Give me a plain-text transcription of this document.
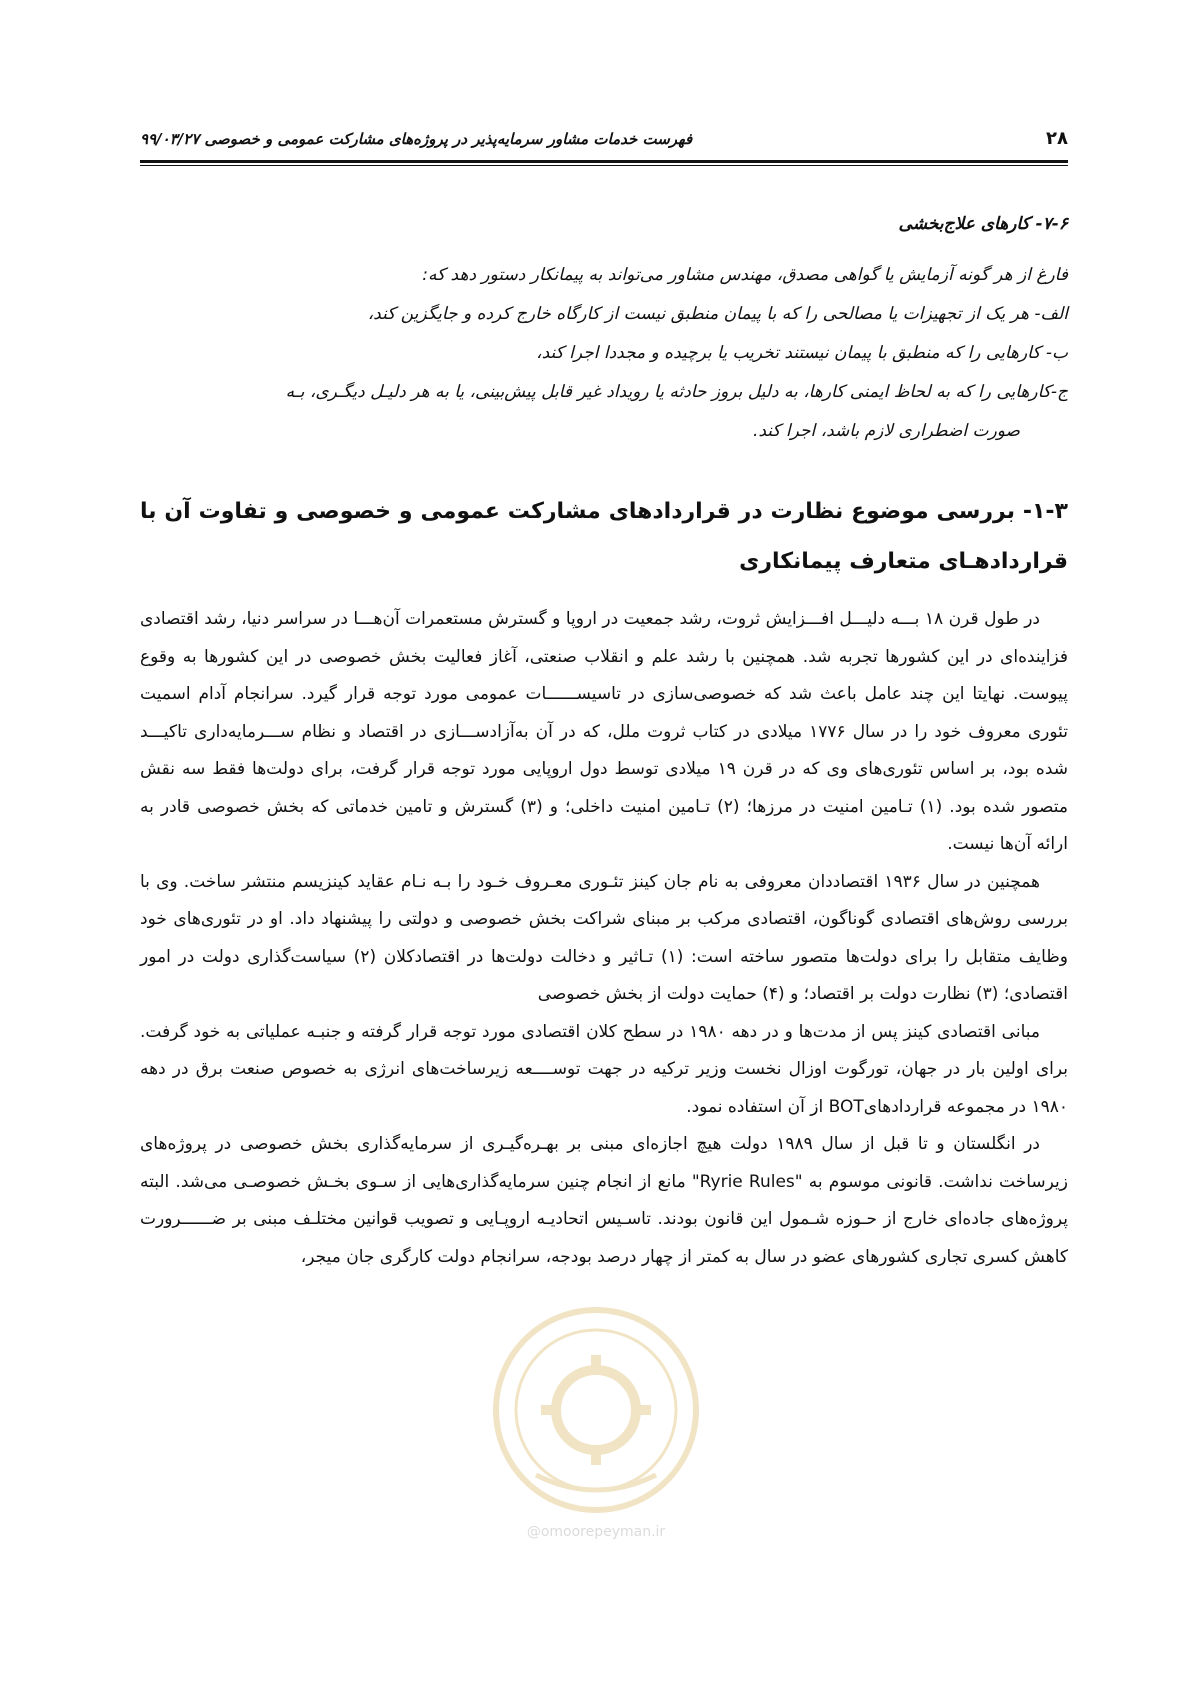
۲۸
فهرست خدمات مشاور سرمایه‌پذیر در پروژه‌های مشارکت عمومی و خصوصی ۹۹/۰۳/۲۷
۷-۶- کارهای علاج‌بخشی

فارغ از هر گونه آزمایش یا گواهی مصدق، مهندس مشاور می‌تواند به پیمانکار دستور دهد که:

الف- هر یک از تجهیزات یا مصالحی را که با پیمان منطبق نیست از کارگاه خارج کرده و جایگزین کند،

ب- کارهایی را که منطبق با پیمان نیستند تخریب یا برچیده و مجددا اجرا کند،

ج-کارهایی را که به لحاظ ایمنی کارها، به دلیل بروز حادثه یا رویداد غیر قابل پیش‌بینی، یا به هر دلیـل دیگـری، بـه

صورت اضطراری لازم باشد، اجرا کند.

۱-۳- بررسی موضوع نظارت در قراردادهای مشارکت عمومی و خصوصی و تفاوت آن با قراردادهـای متعارف پیمانکاری

در طول قرن ۱۸ بـــه دلیـــل افـــزایش ثروت، رشد جمعیت در اروپا و گسترش مستعمرات آن‌هـــا در سراسر دنیا، رشد اقتصادی فزاینده‌ای در این کشورها تجربه شد. همچنین با رشد علم و انقلاب صنعتی، آغاز فعالیت بخش خصوصی در این کشورها به وقوع پیوست. نهایتا این چند عامل باعث شد که خصوصی‌سازی در تاسیســــــات عمومی مورد توجه قرار گیرد. سرانجام آدام اسمیت تئوری معروف خود را در سال ۱۷۷۶ میلادی در کتاب ثروت ملل، که در آن به‌آزادســـازی در اقتصاد و نظام ســـرمایه‌داری تاکیـــد شده بود، بر اساس تئوری‌های وی که در قرن ۱۹ میلادی توسط دول اروپایی مورد توجه قرار گرفت، برای دولت‌ها فقط سه نقش متصور شده بود. (۱) تـامین امنیت در مرزها؛ (۲) تـامین امنیت داخلی؛ و (۳) گسترش و تامین خدماتی که بخش خصوصی قادر به ارائه آن‌ها نیست.

همچنین در سال ۱۹۳۶ اقتصاددان معروفی به نام جان کینز تئـوری معـروف خـود را بـه نـام عقاید کینزیسم منتشر ساخت. وی با بررسی روش‌های اقتصادی گوناگون، اقتصادی مرکب بر مبنای شراکت بخش خصوصی و دولتی را پیشنهاد داد. او در تئوری‌های خود وظایف متقابل را برای دولت‌ها متصور ساخته است: (۱) تـاثیر و دخالت دولت‌ها در اقتصادکلان (۲) سیاست‌گذاری دولت در امور اقتصادی؛ (۳) نظارت دولت بر اقتصاد؛ و (۴) حمایت دولت از بخش خصوصی

مبانی اقتصادی کینز پس از مدت‌ها و در دهه ۱۹۸۰ در سطح کلان اقتصادی مورد توجه قرار گرفته و جنبـه عملیاتی به خود گرفت. برای اولین بار در جهان، تورگوت اوزال نخست وزیر ترکیه در جهت توســــعه زیرساخت‌های انرژی به خصوص صنعت برق در دهه ۱۹۸۰ در مجموعه قراردادهایBOT از آن استفاده نمود.

در انگلستان و تا قبل از سال ۱۹۸۹ دولت هیچ اجازه‌ای مبنی بر بهـره‌گیـری از سرمایه‌گذاری بخش خصوصی در پروژه‌های زیرساخت نداشت. قانونی موسوم به "Ryrie Rules" مانع از انجام چنین سرمایه‌گذاری‌هایی از سـوی بخـش خصوصـی می‌شد. البته پروژه‌های جاده‌ای خارج از حـوزه شـمول این قانون بودند. تاسـیس اتحادیـه اروپـایی و تصویب قوانین مختلـف مبنی بر ضــــــرورت کاهش کسری تجاری کشورهای عضو در سال به کمتر از چهار درصد بودجه، سرانجام دولت کارگری جان میجر،

@omoorepeyman.ir
